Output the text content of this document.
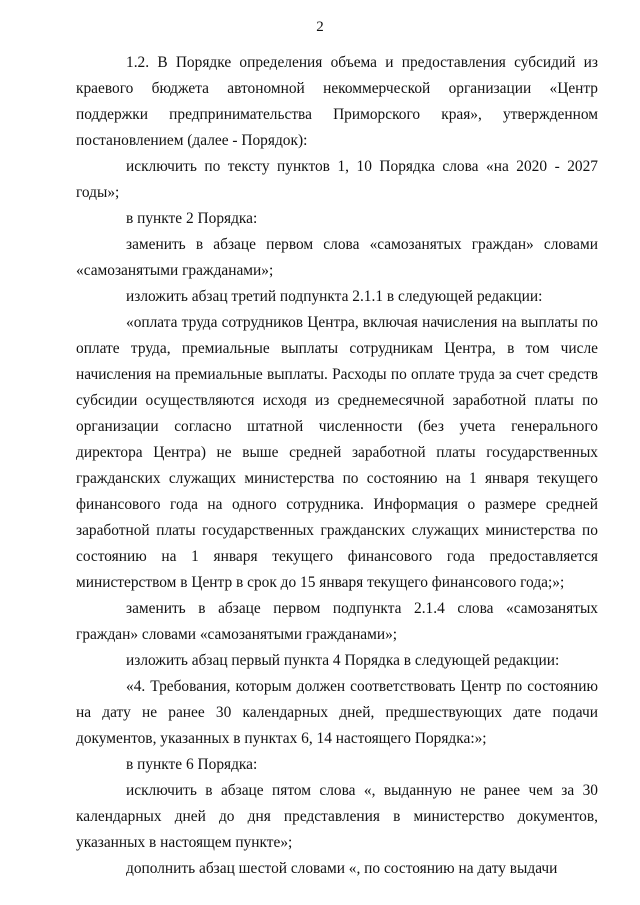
2

1.2. В Порядке определения объема и предоставления субсидий из краевого бюджета автономной некоммерческой организации «Центр поддержки предпринимательства Приморского края», утвержденном постановлением (далее - Порядок):

исключить по тексту пунктов 1, 10 Порядка слова «на 2020 - 2027 годы»;

в пункте 2 Порядка:

заменить в абзаце первом слова «самозанятых граждан» словами «самозанятыми гражданами»;

изложить абзац третий подпункта 2.1.1 в следующей редакции:

«оплата труда сотрудников Центра, включая начисления на выплаты по оплате труда, премиальные выплаты сотрудникам Центра, в том числе начисления на премиальные выплаты. Расходы по оплате труда за счет средств субсидии осуществляются исходя из среднемесячной заработной платы по организации согласно штатной численности (без учета генерального директора Центра) не выше средней заработной платы государственных гражданских служащих министерства по состоянию на 1 января текущего финансового года на одного сотрудника. Информация о размере средней заработной платы государственных гражданских служащих министерства по состоянию на 1 января текущего финансового года предоставляется министерством в Центр в срок до 15 января текущего финансового года;»;

заменить в абзаце первом подпункта 2.1.4 слова «самозанятых граждан» словами «самозанятыми гражданами»;

изложить абзац первый пункта 4 Порядка в следующей редакции:

«4. Требования, которым должен соответствовать Центр по состоянию на дату не ранее 30 календарных дней, предшествующих дате подачи документов, указанных в пунктах 6, 14 настоящего Порядка:»;

в пункте 6 Порядка:

исключить в абзаце пятом слова «, выданную не ранее чем за 30 календарных дней до дня представления в министерство документов, указанных в настоящем пункте»;

дополнить абзац шестой словами «, по состоянию на дату выдачи
